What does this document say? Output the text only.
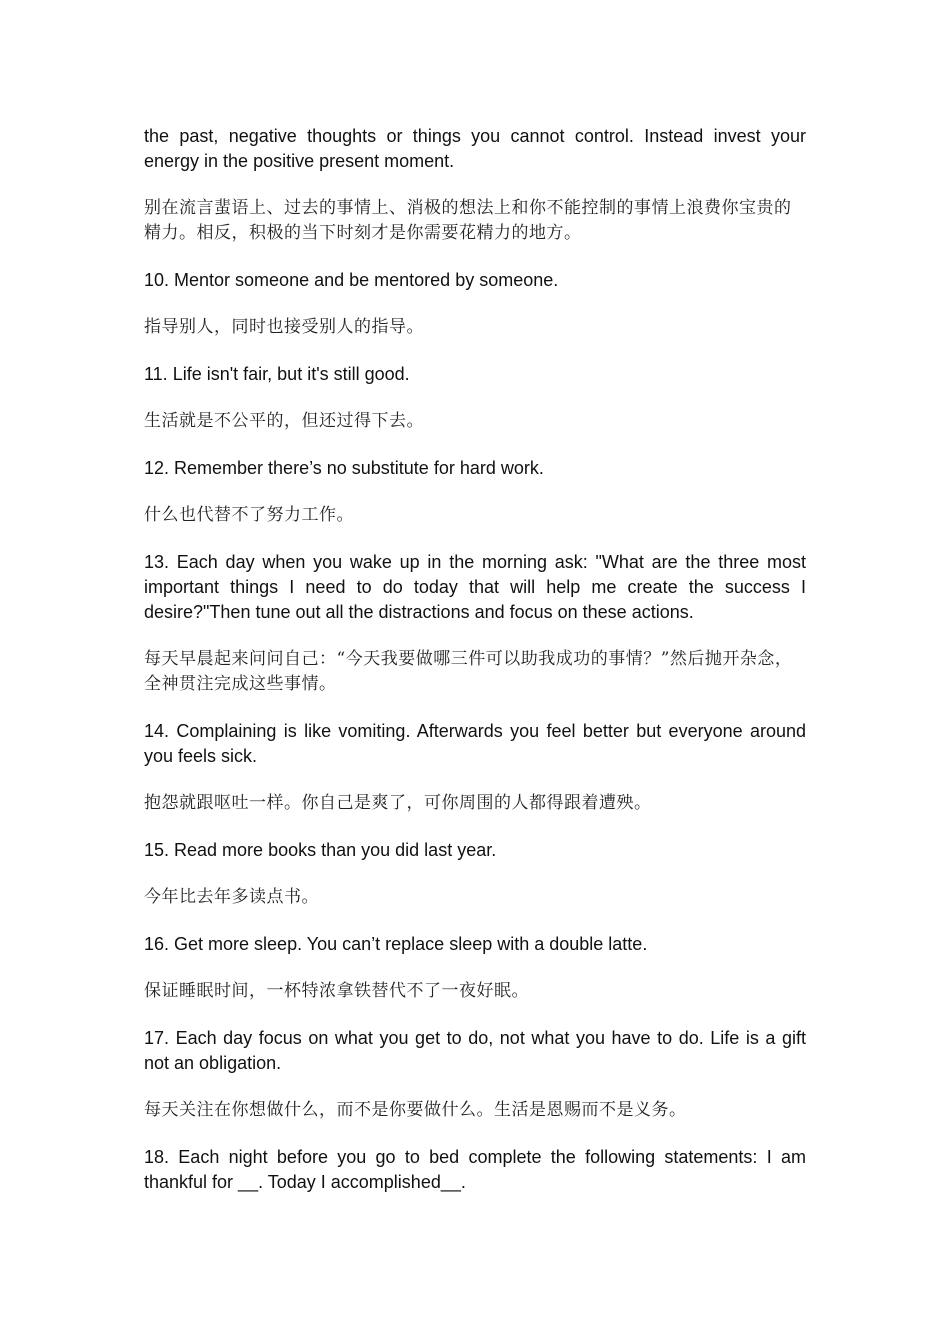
the past, negative thoughts or things you cannot control. Instead invest your energy in the positive present moment.

别在流言蜚语上、过去的事情上、消极的想法上和你不能控制的事情上浪费你宝贵的精力。相反，积极的当下时刻才是你需要花精力的地方。

10. Mentor someone and be mentored by someone.

指导别人，同时也接受别人的指导。

11. Life isn't fair, but it's still good.

生活就是不公平的，但还过得下去。

12. Remember there’s no substitute for hard work.

什么也代替不了努力工作。

13. Each day when you wake up in the morning ask: "What are the three most important things I need to do today that will help me create the success I desire?"Then tune out all the distractions and focus on these actions.

每天早晨起来问问自己：“今天我要做哪三件可以助我成功的事情？”然后抛开杂念，全神贯注完成这些事情。

14. Complaining is like vomiting. Afterwards you feel better but everyone around you feels sick.

抱怨就跟呕吐一样。你自己是爽了，可你周围的人都得跟着遭殃。

15. Read more books than you did last year.

今年比去年多读点书。

16. Get more sleep. You can’t replace sleep with a double latte.

保证睡眠时间，一杯特浓拿铁替代不了一夜好眠。

17. Each day focus on what you get to do, not what you have to do. Life is a gift not an obligation.

每天关注在你想做什么，而不是你要做什么。生活是恩赐而不是义务。

18. Each night before you go to bed complete the following statements: I am thankful for __. Today I accomplished__.
